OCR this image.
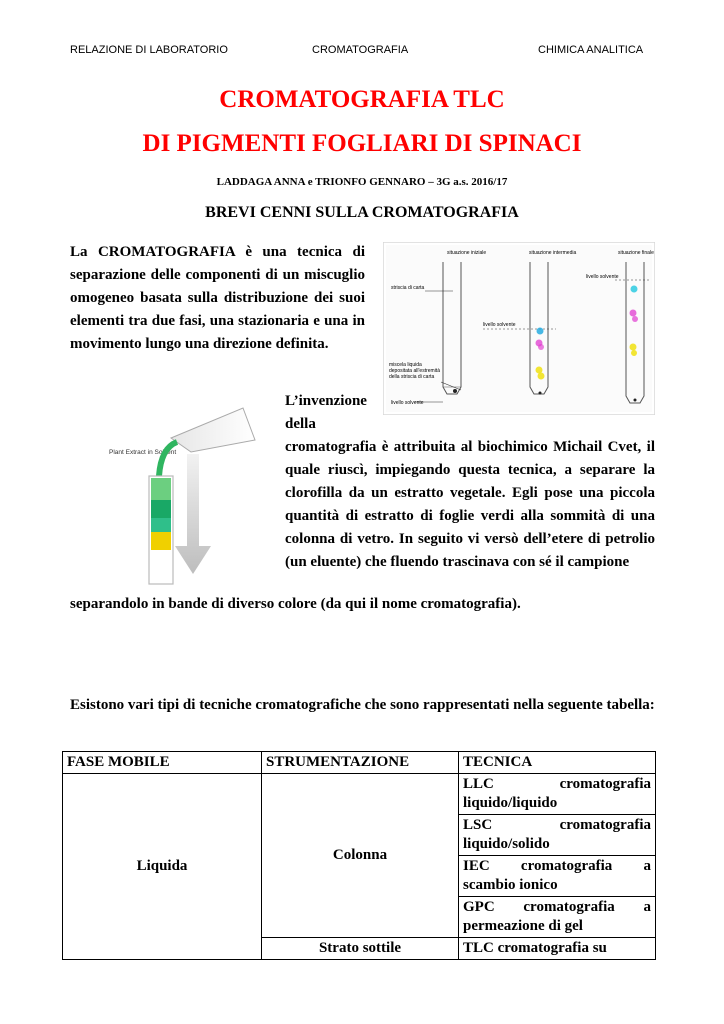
RELAZIONE DI LABORATORIO	CROMATOGRAFIA	CHIMICA ANALITICA
CROMATOGRAFIA TLC
DI PIGMENTI FOGLIARI DI SPINACI
LADDAGA ANNA e TRIONFO GENNARO – 3G a.s. 2016/17
BREVI CENNI SULLA CROMATOGRAFIA
La CROMATOGRAFIA è una tecnica di separazione delle componenti di un miscuglio omogeneo basata sulla distribuzione dei suoi elementi tra due fasi, una stazionaria e una in movimento lungo una direzione definita.
situazione iniziale	situazione intermedia	situazione finale
striscia di carta
livello solvente
livello solvente
miscela liquida depositata all'estremità della striscia di carta
livello solvente
Plant Extract in Solvent
L’invenzione della
cromatografia è attribuita al biochimico Michail Cvet, il quale riuscì, impiegando questa tecnica, a separare la clorofilla da un estratto vegetale. Egli pose una piccola quantità di estratto di foglie verdi alla sommità di una colonna di vetro. In seguito vi versò dell’etere di petrolio (un eluente) che fluendo trascinava con sé il campione
separandolo in bande di diverso colore (da qui il nome cromatografia).
Esistono vari tipi di tecniche cromatografiche che sono rappresentati nella seguente tabella:
FASE MOBILE	STRUMENTAZIONE	TECNICA
Liquida	Colonna	LLC cromatografia liquido/liquido
		LSC cromatografia liquido/solido
		IEC cromatografia a scambio ionico
		GPC cromatografia a permeazione di gel
	Strato sottile	TLC cromatografia su
